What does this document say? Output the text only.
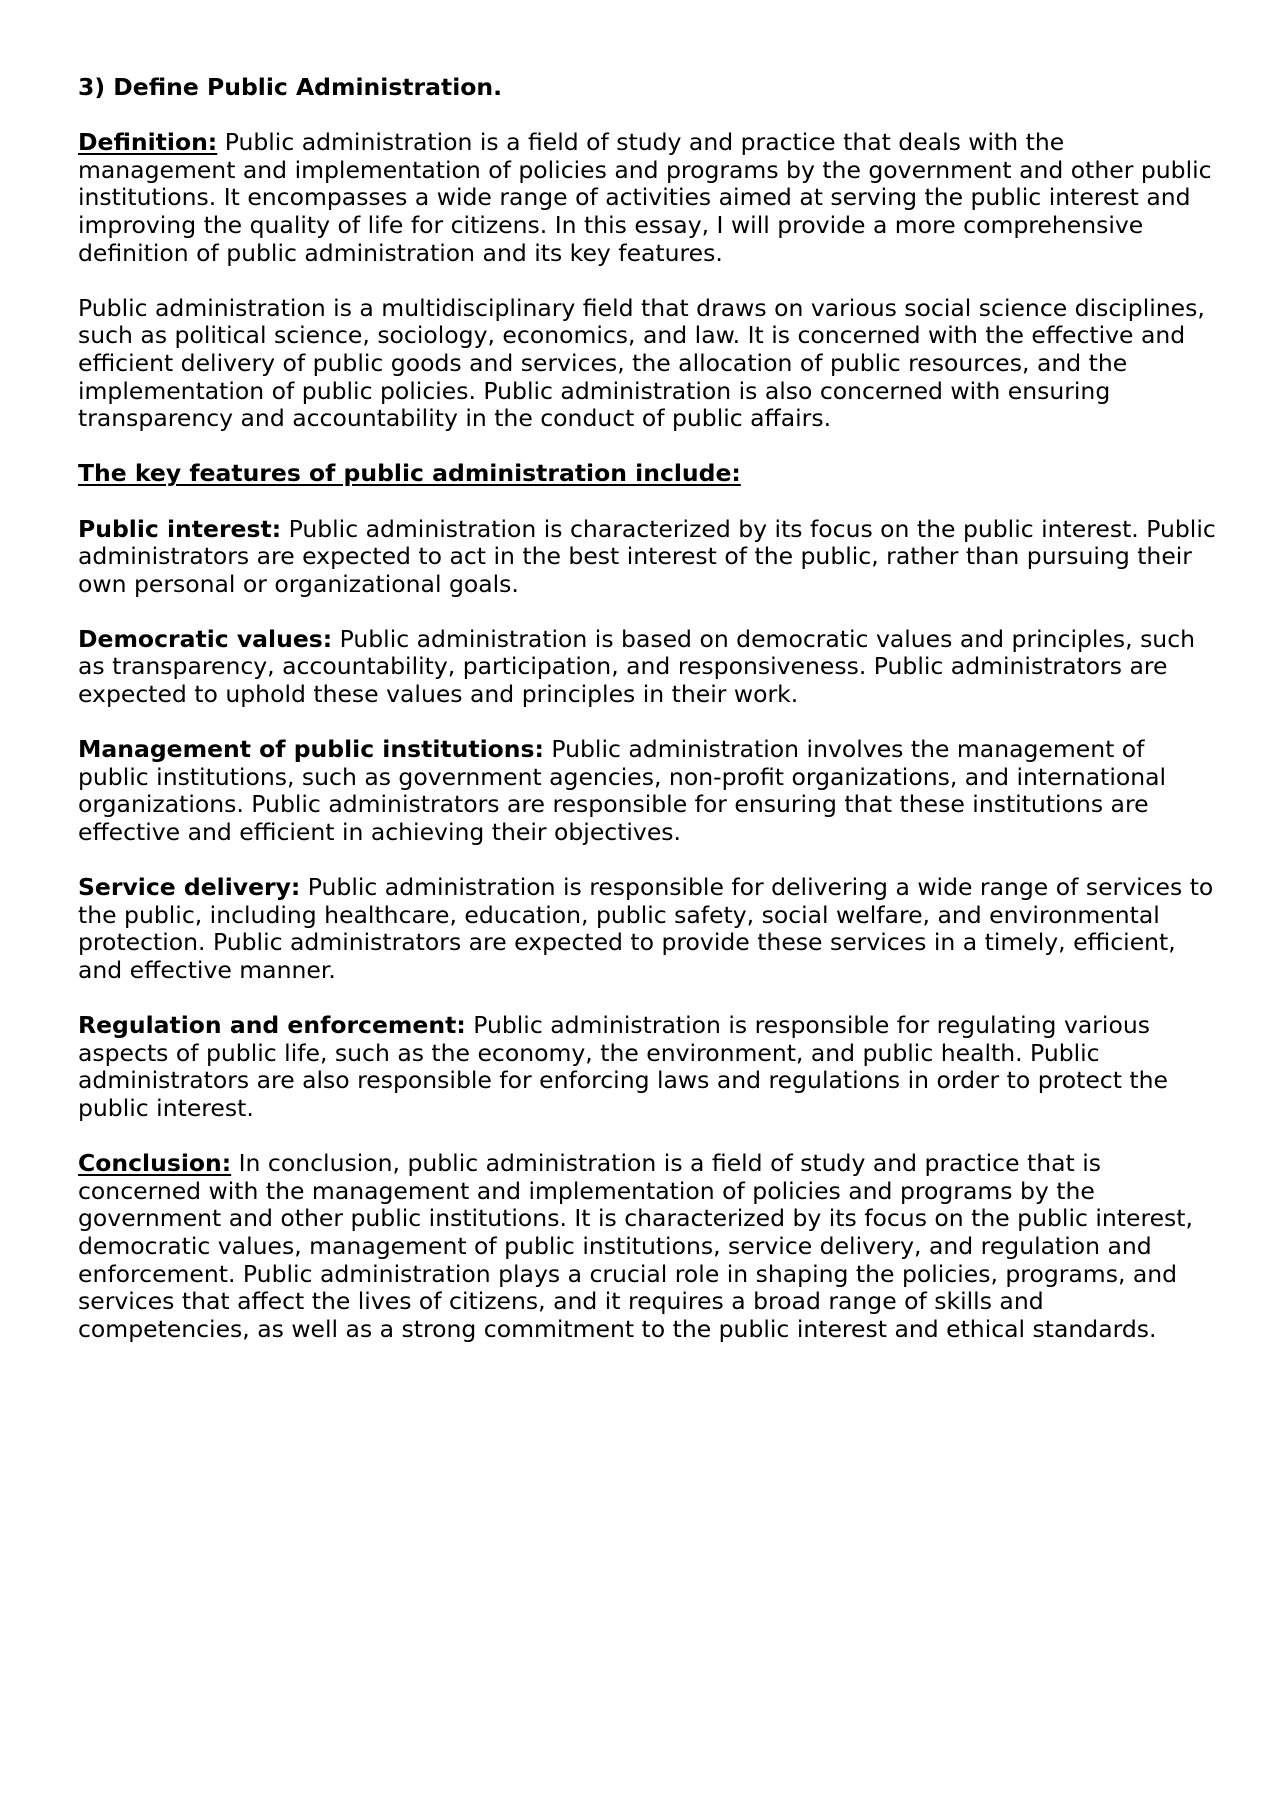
3) Define Public Administration.

Definition: Public administration is a field of study and practice that deals with the management and implementation of policies and programs by the government and other public institutions. It encompasses a wide range of activities aimed at serving the public interest and improving the quality of life for citizens. In this essay, I will provide a more comprehensive definition of public administration and its key features.

Public administration is a multidisciplinary field that draws on various social science disciplines, such as political science, sociology, economics, and law. It is concerned with the effective and efficient delivery of public goods and services, the allocation of public resources, and the implementation of public policies. Public administration is also concerned with ensuring transparency and accountability in the conduct of public affairs.

The key features of public administration include:

Public interest: Public administration is characterized by its focus on the public interest. Public administrators are expected to act in the best interest of the public, rather than pursuing their own personal or organizational goals.

Democratic values: Public administration is based on democratic values and principles, such as transparency, accountability, participation, and responsiveness. Public administrators are expected to uphold these values and principles in their work.

Management of public institutions: Public administration involves the management of public institutions, such as government agencies, non-profit organizations, and international organizations. Public administrators are responsible for ensuring that these institutions are effective and efficient in achieving their objectives.

Service delivery: Public administration is responsible for delivering a wide range of services to the public, including healthcare, education, public safety, social welfare, and environmental protection. Public administrators are expected to provide these services in a timely, efficient, and effective manner.

Regulation and enforcement: Public administration is responsible for regulating various aspects of public life, such as the economy, the environment, and public health. Public administrators are also responsible for enforcing laws and regulations in order to protect the public interest.

Conclusion: In conclusion, public administration is a field of study and practice that is concerned with the management and implementation of policies and programs by the government and other public institutions. It is characterized by its focus on the public interest, democratic values, management of public institutions, service delivery, and regulation and enforcement. Public administration plays a crucial role in shaping the policies, programs, and services that affect the lives of citizens, and it requires a broad range of skills and competencies, as well as a strong commitment to the public interest and ethical standards.
